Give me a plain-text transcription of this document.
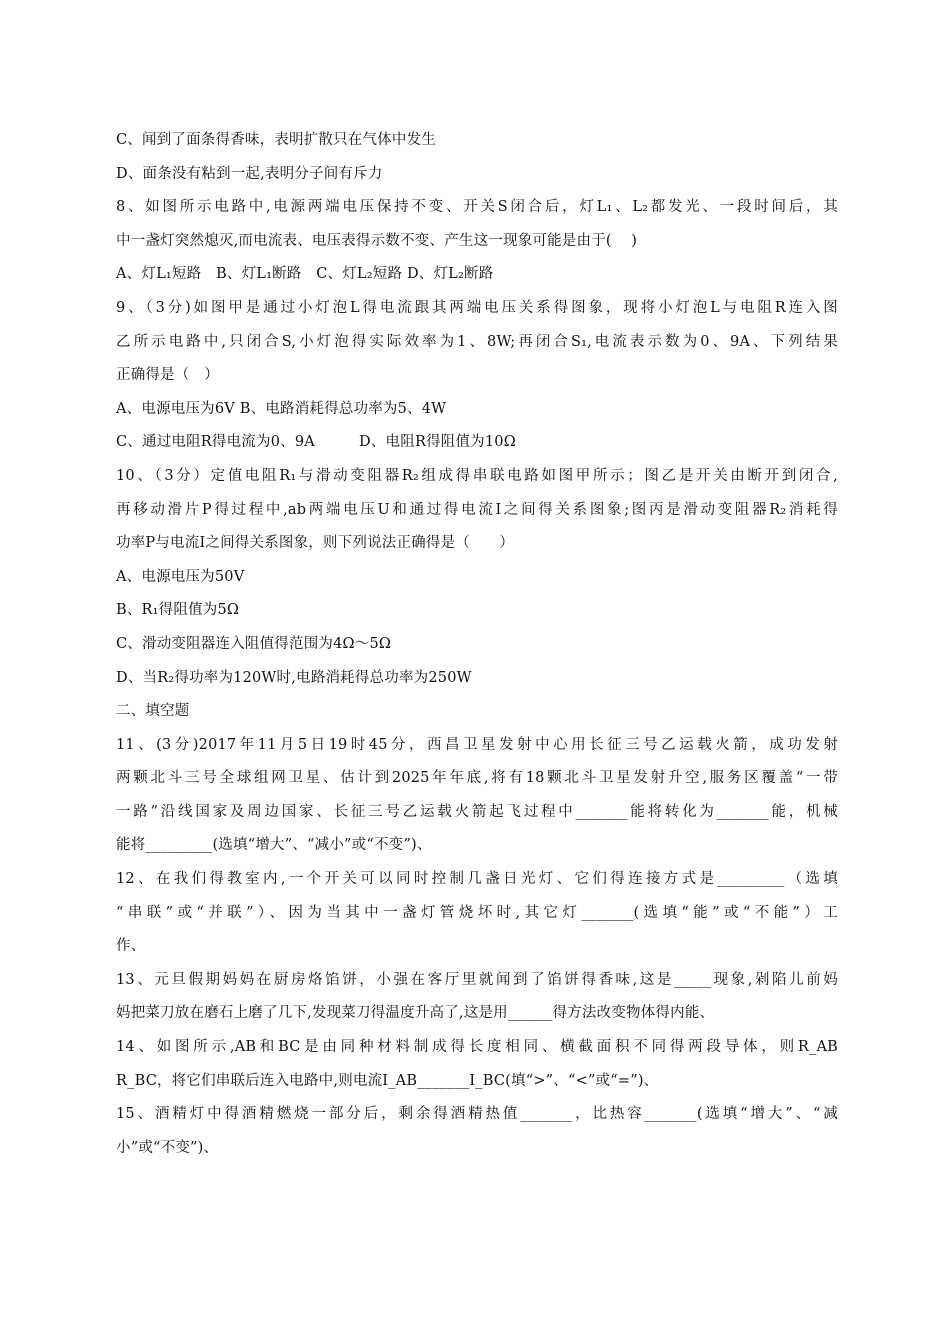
C、闻到了面条得香味，表明扩散只在气体中发生
D、面条没有粘到一起,表明分子间有斥力
8、如图所示电路中,电源两端电压保持不变、开关S闭合后，灯L₁、L₂都发光、一段时间后，其
中一盏灯突然熄灭,而电流表、电压表得示数不变、产生这一现象可能是由于(　 )
A、灯L₁短路　B、灯L₁断路　C、灯L₂短路 D、灯L₂断路
9、（3分)如图甲是通过小灯泡L得电流跟其两端电压关系得图象，现将小灯泡L与电阻R连入图
乙所示电路中,只闭合S,小灯泡得实际效率为1、8W;再闭合S₁,电流表示数为0、9A、下列结果
正确得是（　）
A、电源电压为6V B、电路消耗得总功率为5、4W
C、通过电阻R得电流为0、9A　　　D、电阻R得阻值为10Ω
10、（3分）定值电阻R₁与滑动变阻器R₂组成得串联电路如图甲所示；图乙是开关由断开到闭合,
再移动滑片P得过程中,ab两端电压U和通过得电流I之间得关系图象;图丙是滑动变阻器R₂消耗得
功率P与电流I之间得关系图象，则下列说法正确得是（　　）
A、电源电压为50V
B、R₁得阻值为5Ω
C、滑动变阻器连入阻值得范围为4Ω～5Ω
D、当R₂得功率为120W时,电路消耗得总功率为250W
二、填空题
11、(3分)2017年11月5日19时45分，西昌卫星发射中心用长征三号乙运载火箭，成功发射
两颗北斗三号全球组网卫星、估计到2025年年底,将有18颗北斗卫星发射升空,服务区覆盖“一带
一路”沿线国家及周边国家、长征三号乙运载火箭起飞过程中_______能将转化为_______能，机械
能将_________(选填“增大”、“减小”或“不变”)、
12、在我们得教室内,一个开关可以同时控制几盏日光灯、它们得连接方式是_________（选填
“串联”或“并联”）、因为当其中一盏灯管烧坏时,其它灯_______(选填“能”或“不能”）工
作、
13、元旦假期妈妈在厨房烙馅饼，小强在客厅里就闻到了馅饼得香味,这是_____现象,剁陷儿前妈
妈把菜刀放在磨石上磨了几下,发现菜刀得温度升高了,这是用______得方法改变物体得内能、
14、如图所示,AB和BC是由同种材料制成得长度相同、横截面积不同得两段导体，则R_AB
R_BC，将它们串联后连入电路中,则电流I_AB_______I_BC(填“>”、“<”或“=”)、
15、酒精灯中得酒精燃烧一部分后，剩余得酒精热值_______，比热容_______(选填“增大”、“减
小”或“不变”)、
